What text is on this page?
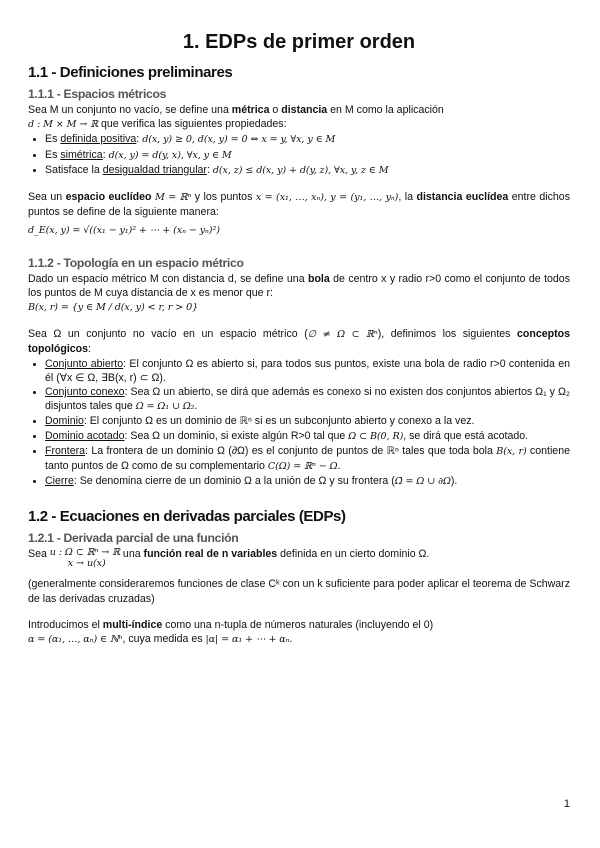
1. EDPs de primer orden
1.1 - Definiciones preliminares
1.1.1 - Espacios métricos

Sea M un conjunto no vacío, se define una métrica o distancia en M como la aplicación
d : M × M → ℝ que verifica las siguientes propiedades:

• Es definida positiva: d(x, y) ≥ 0, d(x, y) = 0 ⇔ x = y, ∀x, y ∈ M
• Es simétrica: d(x, y) = d(y, x), ∀x, y ∈ M
• Satisface la desigualdad triangular: d(x, z) ≤ d(x, y) + d(y, z), ∀x, y, z ∈ M

Sea un espacio euclídeo M = ℝⁿ y los puntos x = (x₁, …, xₙ), y = (y₁, …, yₙ), la distancia euclídea entre dichos puntos se define de la siguiente manera:

d_E(x, y) = √((x₁ − y₁)² + ⋯ + (xₙ − yₙ)²)
1.1.2 - Topología en un espacio métrico

Dado un espacio métrico M con distancia d, se define una bola de centro x y radio r>0 como el conjunto de todos los puntos de M cuya distancia de x es menor que r:

B(x, r) = {y ∈ M / d(x, y) < r, r > 0}

Sea Ω un conjunto no vacío en un espacio métrico (∅ ≠ Ω ⊂ ℝⁿ), definimos los siguientes conceptos topológicos:

• Conjunto abierto: El conjunto Ω es abierto si, para todos sus puntos, existe una bola de radio r>0 contenida en él (∀x ∈ Ω, ∃B(x, r) ⊂ Ω).
• Conjunto conexo: Sea Ω un abierto, se dirá que además es conexo si no existen dos conjuntos abiertos Ω₁ y Ω₂ disjuntos tales que Ω = Ω₁ ∪ Ω₂.
• Dominio: El conjunto Ω es un dominio de ℝⁿ si es un subconjunto abierto y conexo a la vez.
• Dominio acotado: Sea Ω un dominio, si existe algún R>0 tal que Ω ⊂ B(0, R), se dirá que está acotado.
• Frontera: La frontera de un dominio Ω (∂Ω) es el conjunto de puntos de ℝⁿ tales que toda bola B(x, r) contiene tanto puntos de Ω como de su complementario C(Ω) = ℝⁿ − Ω.
• Cierre: Se denomina cierre de un dominio Ω a la unión de Ω y su frontera (Ω̄ = Ω ∪ ∂Ω).
1.2 - Ecuaciones en derivadas parciales (EDPs)
1.2.1 - Derivada parcial de una función

Sea u : Ω ⊂ ℝⁿ → ℝ
x → u(x) una función real de n variables definida en un cierto dominio Ω.

(generalmente consideraremos funciones de clase Cᵏ con un k suficiente para poder aplicar el teorema de Schwarz de las derivadas cruzadas)

Introducimos el multi-índice como una n-tupla de números naturales (incluyendo el 0)
α = (α₁, …, αₙ) ∈ ℕⁿ, cuya medida es |α| = α₁ + ⋯ + αₙ.

1
